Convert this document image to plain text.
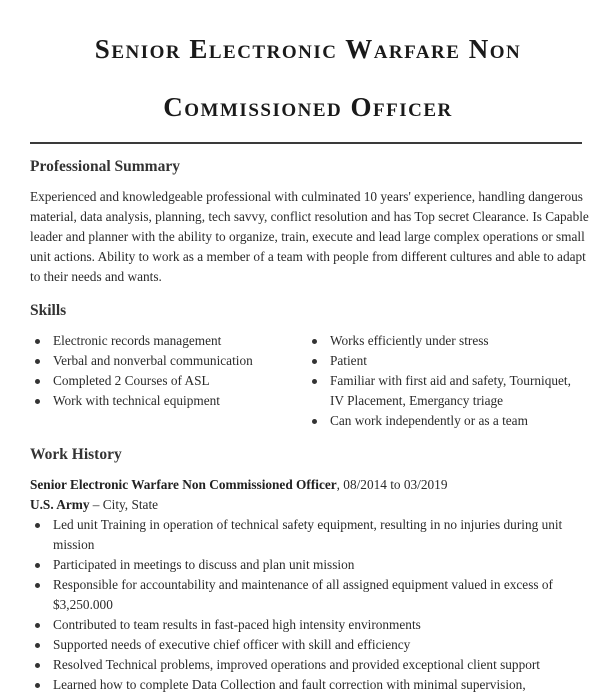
Senior Electronic Warfare Non
Commissioned Officer
Professional Summary

Experienced and knowledgeable professional with culminated 10 years' experience, handling dangerous material, data analysis, planning, tech savvy, conflict resolution and has Top secret Clearance. Is Capable leader and planner with the ability to organize, train, execute and lead large complex operations or small unit actions. Ability to work as a member of a team with people from different cultures and able to adapt to their needs and wants.

Skills
Electronic records management
Verbal and nonverbal communication
Completed 2 Courses of ASL
Work with technical equipment
Works efficiently under stress
Patient
Familiar with first aid and safety, Tourniquet, IV Placement, Emergancy triage
Can work independently or as a team
Work History

Senior Electronic Warfare Non Commissioned Officer, 08/2014 to 03/2019

U.S. Army – City, State

Led unit Training in operation of technical safety equipment, resulting in no injuries during unit mission
Participated in meetings to discuss and plan unit mission
Responsible for accountability and maintenance of all assigned equipment valued in excess of $3,250.000
Contributed to team results in fast-paced high intensity environments
Supported needs of executive chief officer with skill and efficiency
Resolved Technical problems, improved operations and provided exceptional client support
Learned how to complete Data Collection and fault correction with minimal supervision,
